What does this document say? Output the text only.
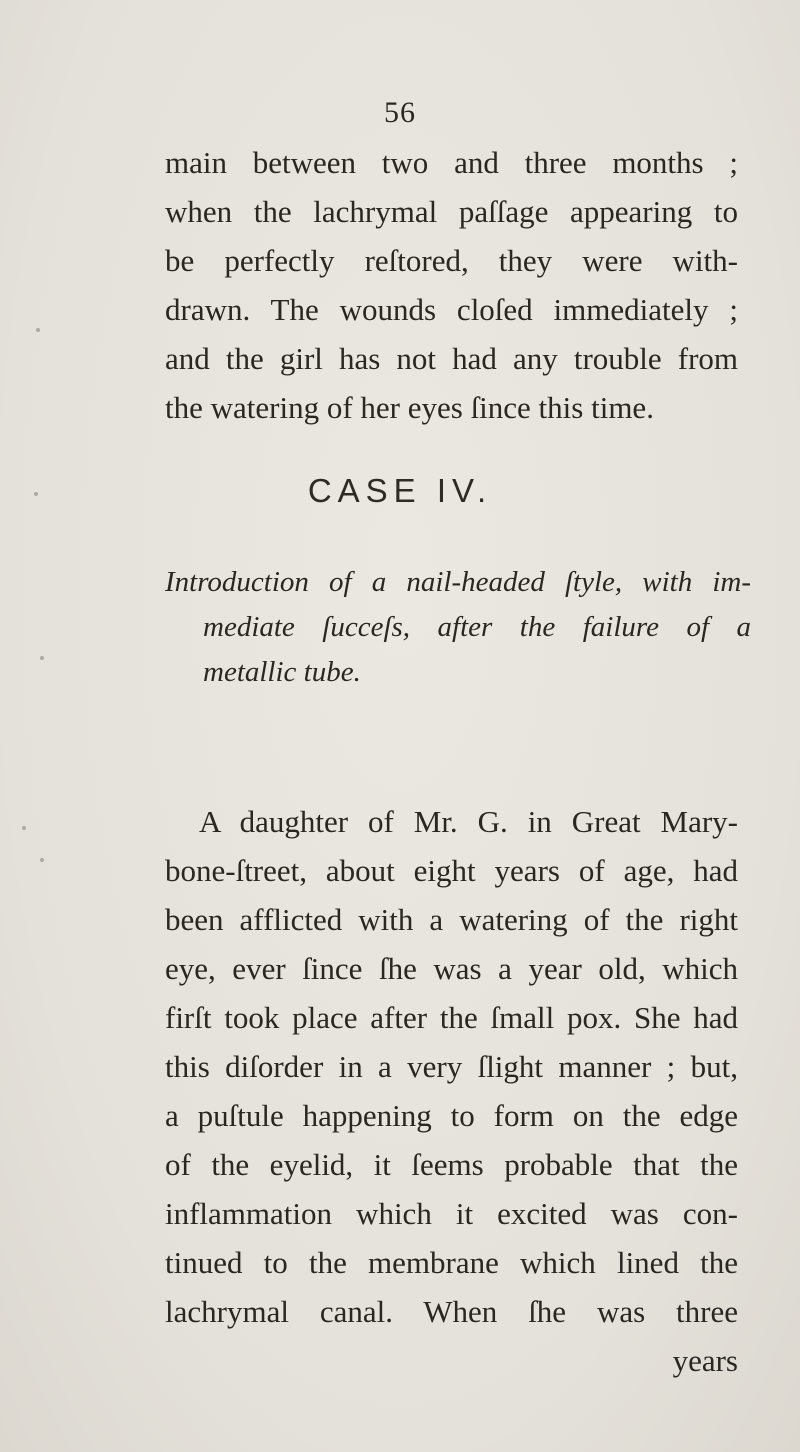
56
main between two and three months ;
when the lachrymal paſſage appearing to
be perfectly reſtored, they were with-
drawn. The wounds cloſed immediately ;
and the girl has not had any trouble from
the watering of her eyes ſince this time.
CASE IV.
Introduction of a nail-headed ſtyle, with im-
mediate ſucceſs, after the failure of a
metallic tube.
A daughter of Mr. G. in Great Mary-
bone-ſtreet, about eight years of age, had
been afflicted with a watering of the right
eye, ever ſince ſhe was a year old, which
firſt took place after the ſmall pox. She had
this diſorder in a very ſlight manner ; but,
a puſtule happening to form on the edge
of the eyelid, it ſeems probable that the
inflammation which it excited was con-
tinued to the membrane which lined the
lachrymal canal. When ſhe was three
years
